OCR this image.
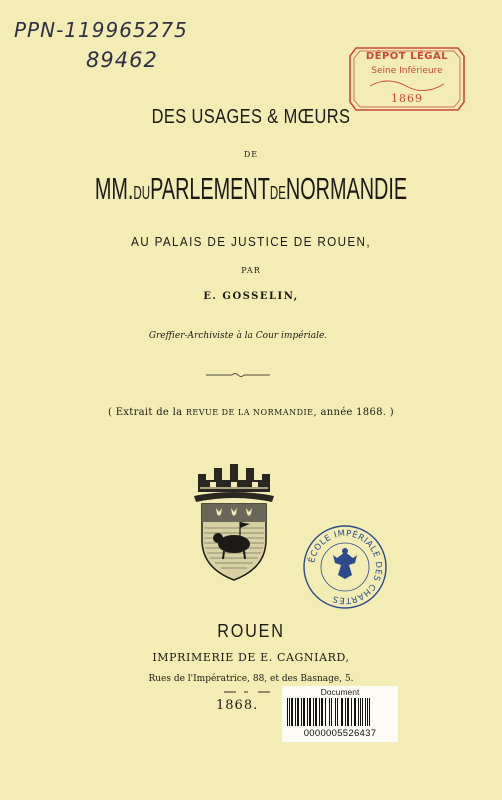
PPN-119965275
89462	DÉPOT LÉGAL
Seine Inférieure
1869
DES USAGES & MŒURS
DE
MM.DUPARLEMENTDENORMANDIE
AU PALAIS DE JUSTICE DE ROUEN,
PAR
E. GOSSELIN,
Greffier-Archiviste à la Cour impériale.
( Extrait de la REVUE DE LA NORMANDIE, année 1868. )
ÉCOLE IMPÉRIALE DES CHARTES
ROUEN
IMPRIMERIE DE E. CAGNIARD,
Rues de l'Impératrice, 88, et des Basnage, 5.
1868.
Document
0000005526437
